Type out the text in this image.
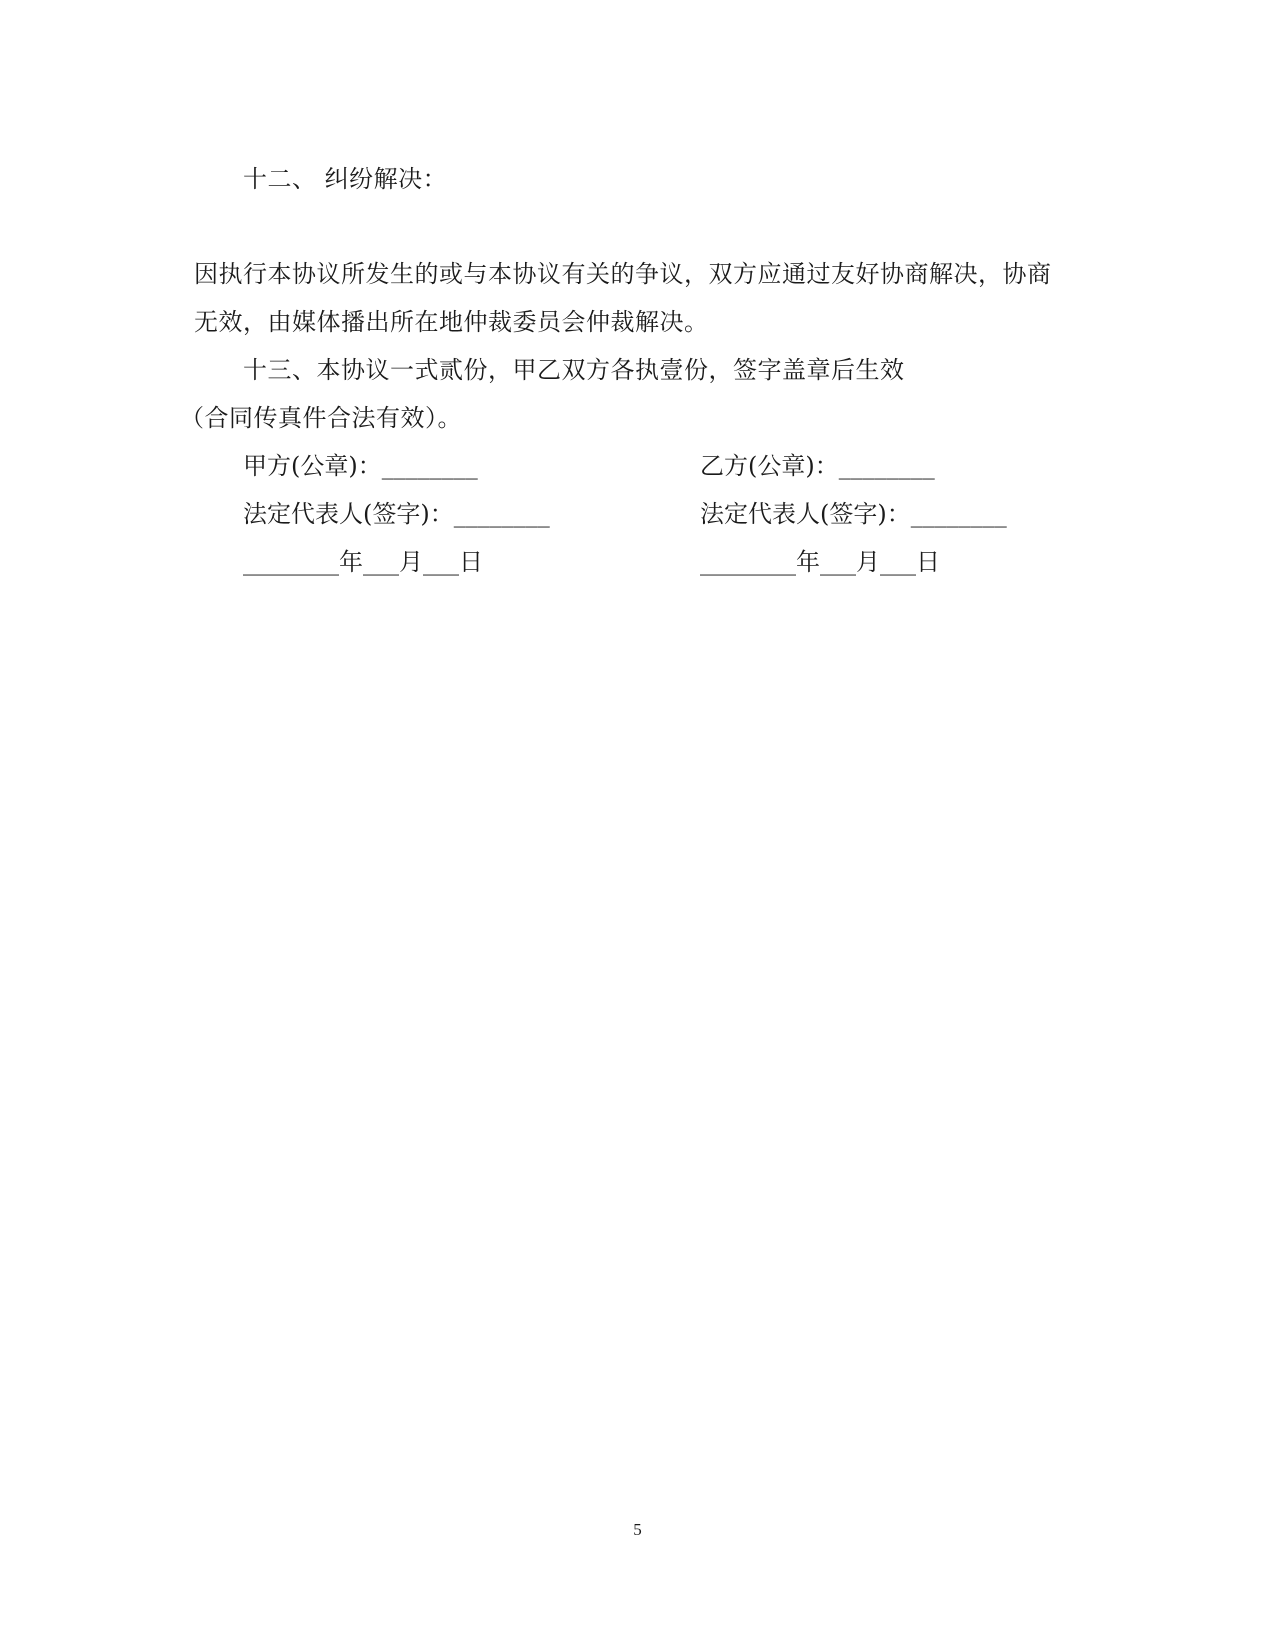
十二、 纠纷解决：
因执行本协议所发生的或与本协议有关的争议，双方应通过友好协商解决，协商
无效，由媒体播出所在地仲裁委员会仲裁解决。
十三、本协议一式贰份，甲乙双方各执壹份，签字盖章后生效
（合同传真件合法有效）。
甲方(公章)：________	乙方(公章)：________
法定代表人(签字)：________	法定代表人(签字)：________
________年___月___日	________年___月___日
5
